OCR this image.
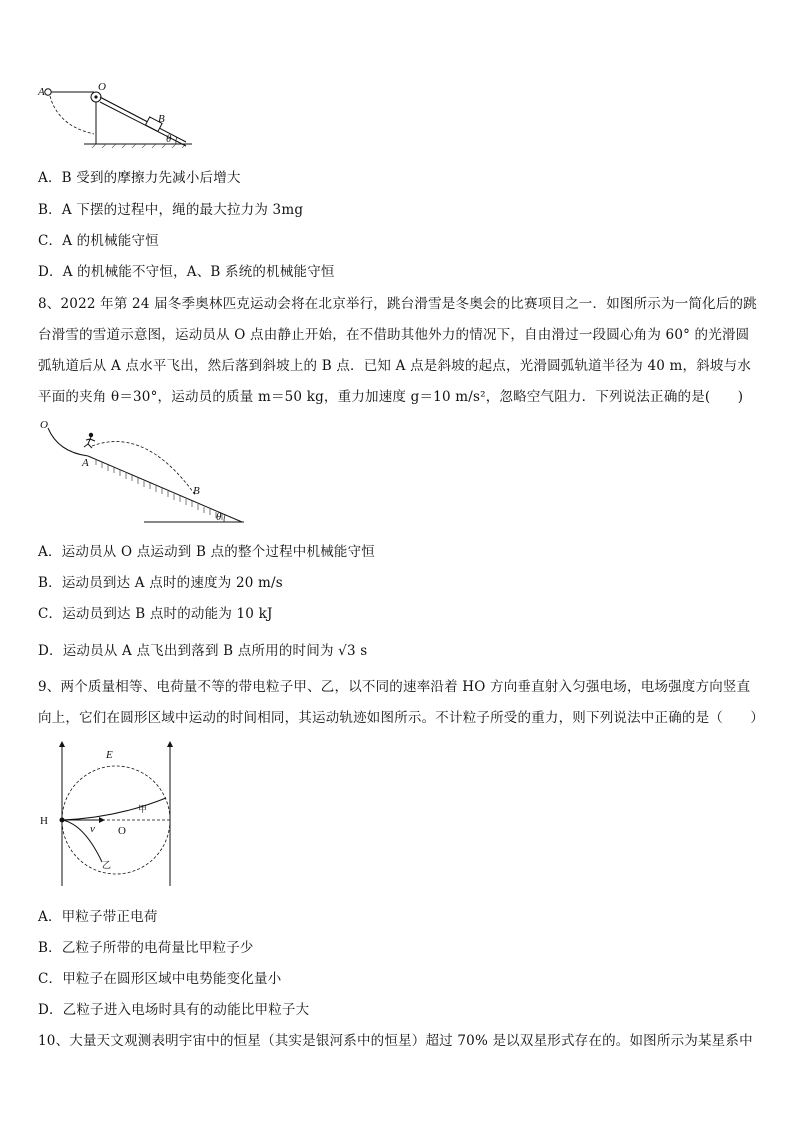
A	O
B
θ
A．B 受到的摩擦力先减小后增大
B．A 下摆的过程中，绳的最大拉力为 3mg
C．A 的机械能守恒
D．A 的机械能不守恒，A、B 系统的机械能守恒
8、2022 年第 24 届冬季奥林匹克运动会将在北京举行，跳台滑雪是冬奥会的比赛项目之一．如图所示为一简化后的跳
台滑雪的雪道示意图，运动员从 O 点由静止开始，在不借助其他外力的情况下，自由滑过一段圆心角为 60° 的光滑圆
弧轨道后从 A 点水平飞出，然后落到斜坡上的 B 点．已知 A 点是斜坡的起点，光滑圆弧轨道半径为 40 m，斜坡与水
平面的夹角 θ＝30°，运动员的质量 m＝50 kg，重力加速度 g＝10 m/s²，忽略空气阻力．下列说法正确的是(　　)
O
A
B
θ
A．运动员从 O 点运动到 B 点的整个过程中机械能守恒
B．运动员到达 A 点时的速度为 20 m/s
C．运动员到达 B 点时的动能为 10 kJ
D．运动员从 A 点飞出到落到 B 点所用的时间为 √3 s
9、两个质量相等、电荷量不等的带电粒子甲、乙，以不同的速率沿着 HO 方向垂直射入匀强电场，电场强度方向竖直
向上，它们在圆形区域中运动的时间相同，其运动轨迹如图所示。不计粒子所受的重力，则下列说法中正确的是（　　）
E
H
O
v
甲
乙
A．甲粒子带正电荷
B．乙粒子所带的电荷量比甲粒子少
C．甲粒子在圆形区域中电势能变化量小
D．乙粒子进入电场时具有的动能比甲粒子大
10、大量天文观测表明宇宙中的恒星（其实是银河系中的恒星）超过 70% 是以双星形式存在的。如图所示为某星系中
